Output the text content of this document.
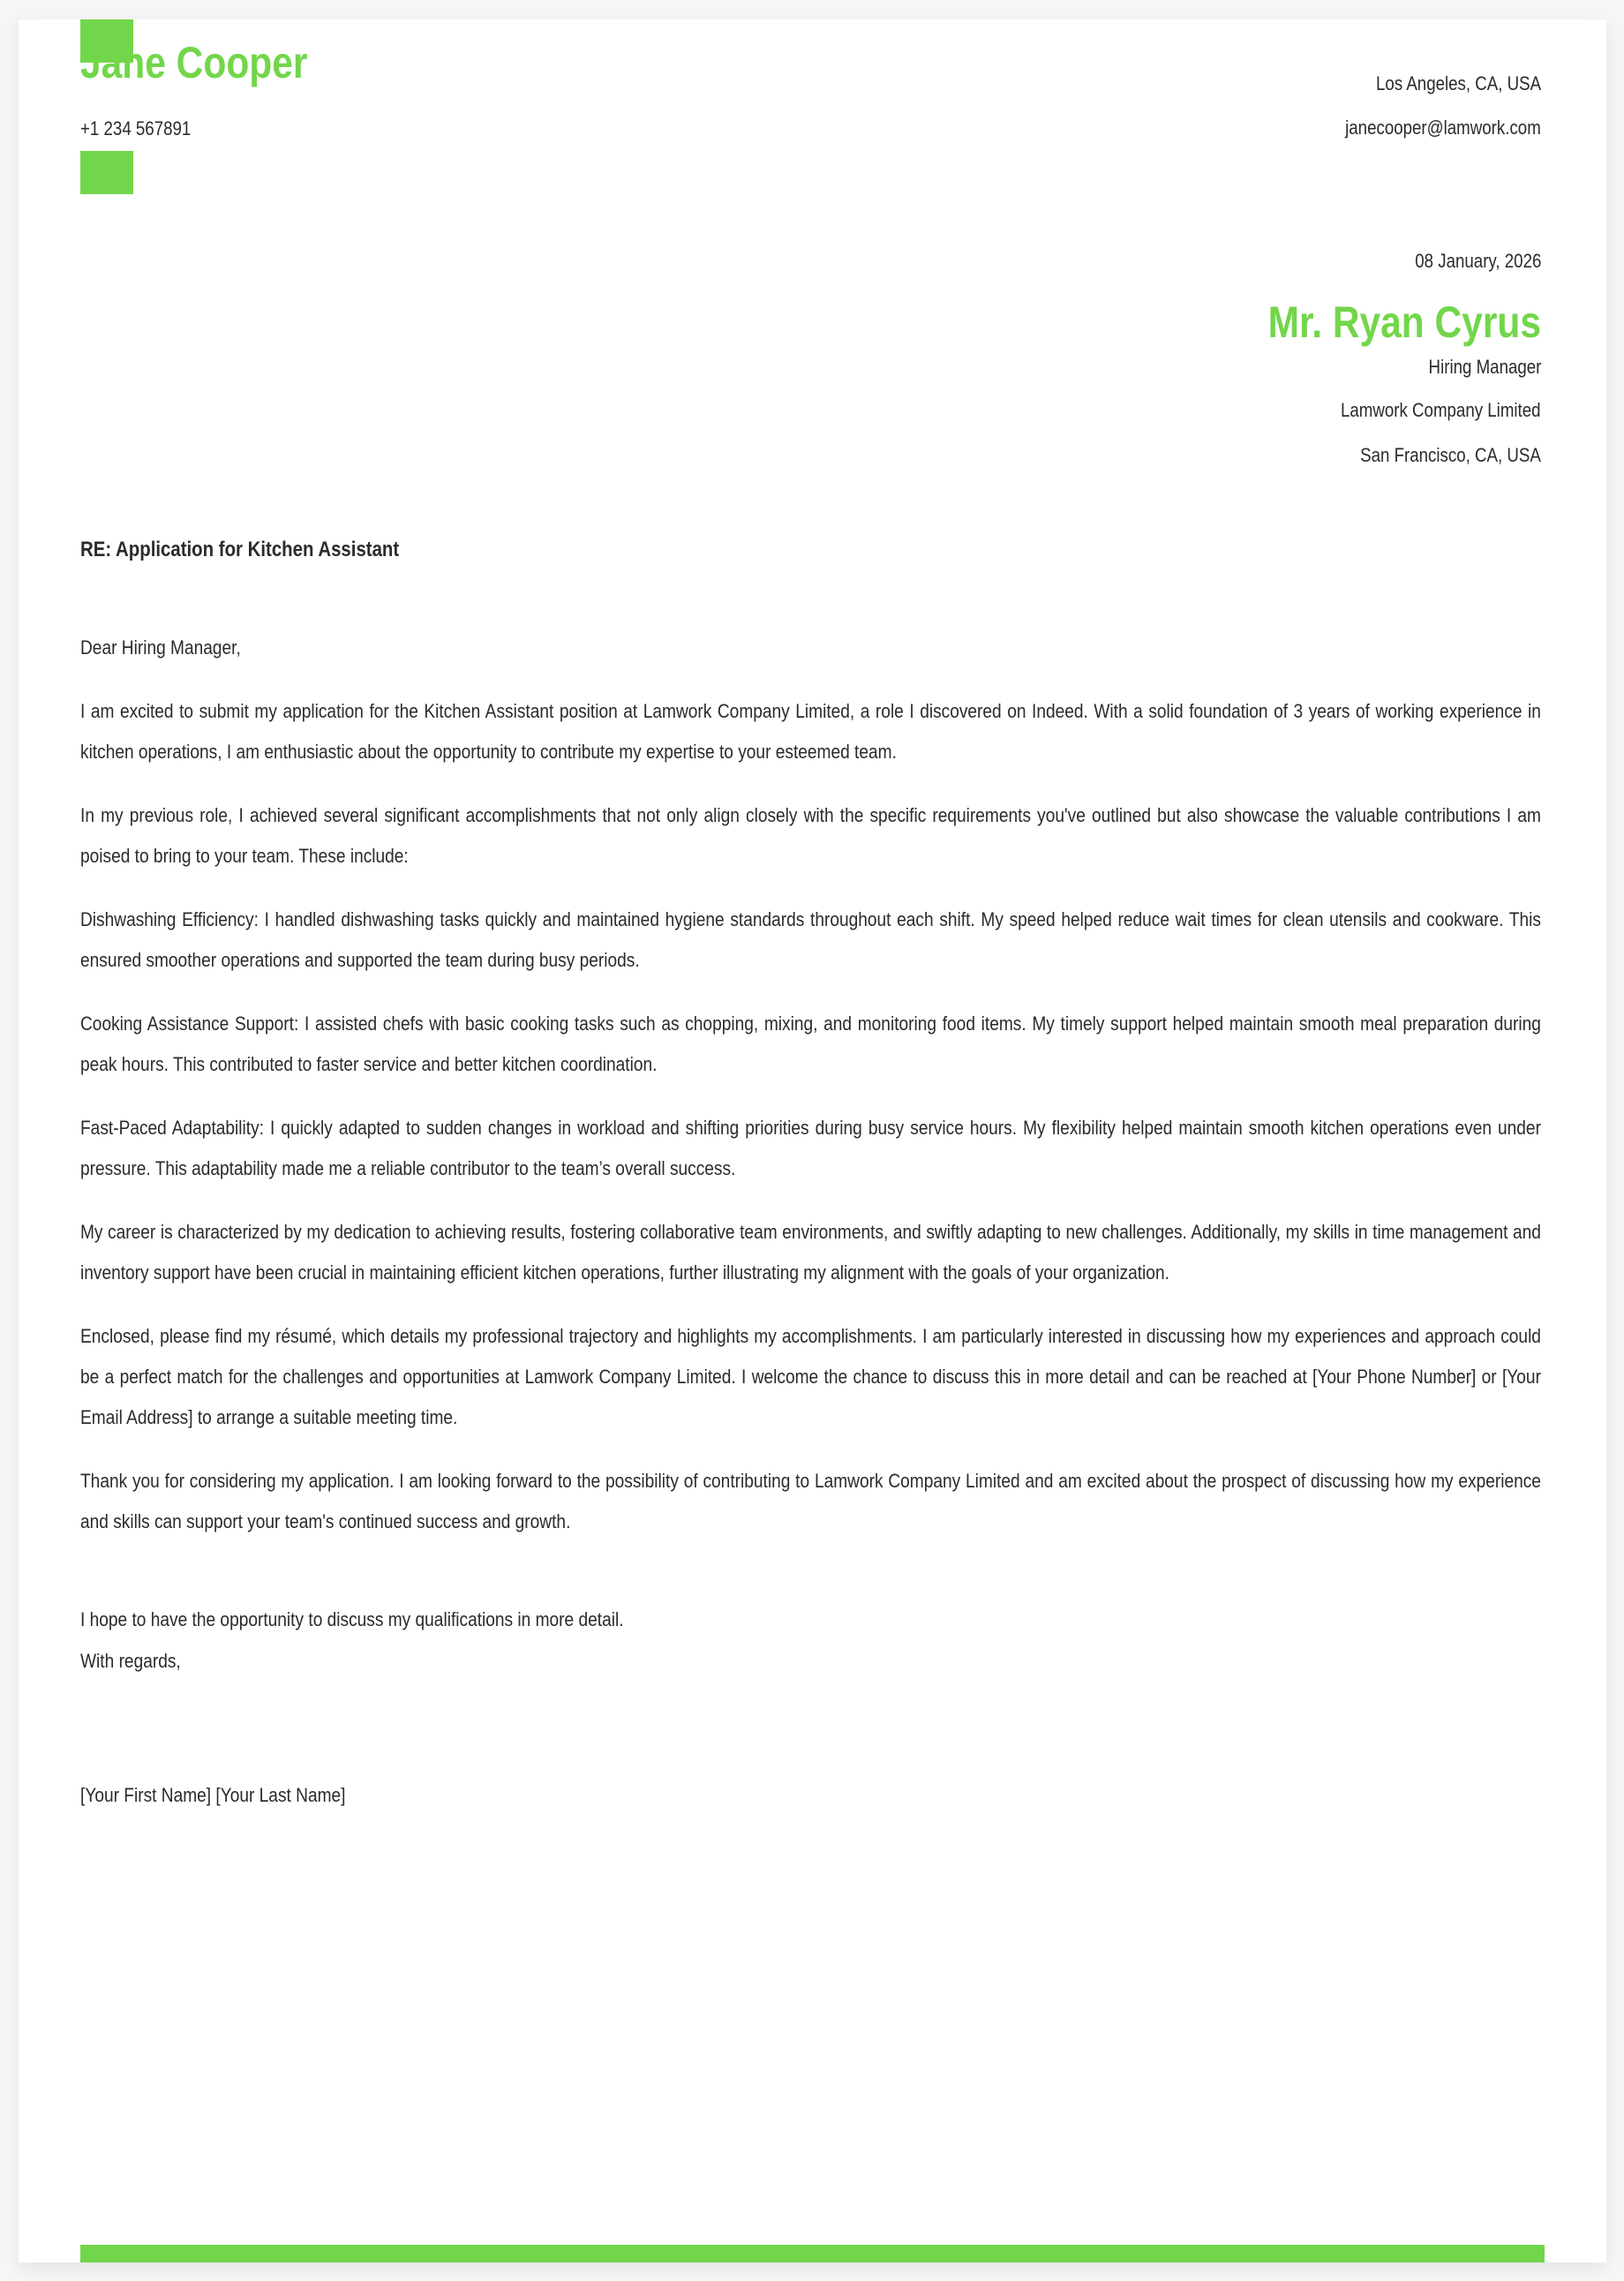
Jane Cooper
+1 234 567891
Los Angeles, CA, USA
janecooper@lamwork.com
08 January, 2026
Mr. Ryan Cyrus
Hiring Manager
Lamwork Company Limited
San Francisco, CA, USA
RE: Application for Kitchen Assistant

Dear Hiring Manager,

I am excited to submit my application for the Kitchen Assistant position at Lamwork Company Limited, a role I discovered on Indeed. With a solid foundation of 3 years of working experience in kitchen operations, I am enthusiastic about the opportunity to contribute my expertise to your esteemed team.

In my previous role, I achieved several significant accomplishments that not only align closely with the specific requirements you've outlined but also showcase the valuable contributions I am poised to bring to your team. These include:

Dishwashing Efficiency: I handled dishwashing tasks quickly and maintained hygiene standards throughout each shift. My speed helped reduce wait times for clean utensils and cookware. This ensured smoother operations and supported the team during busy periods.

Cooking Assistance Support: I assisted chefs with basic cooking tasks such as chopping, mixing, and monitoring food items. My timely support helped maintain smooth meal preparation during peak hours. This contributed to faster service and better kitchen coordination.

Fast-Paced Adaptability: I quickly adapted to sudden changes in workload and shifting priorities during busy service hours. My flexibility helped maintain smooth kitchen operations even under pressure. This adaptability made me a reliable contributor to the team’s overall success.

My career is characterized by my dedication to achieving results, fostering collaborative team environments, and swiftly adapting to new challenges. Additionally, my skills in time management and inventory support have been crucial in maintaining efficient kitchen operations, further illustrating my alignment with the goals of your organization.

Enclosed, please find my résumé, which details my professional trajectory and highlights my accomplishments. I am particularly interested in discussing how my experiences and approach could be a perfect match for the challenges and opportunities at Lamwork Company Limited. I welcome the chance to discuss this in more detail and can be reached at [Your Phone Number] or [Your Email Address] to arrange a suitable meeting time.

Thank you for considering my application. I am looking forward to the possibility of contributing to Lamwork Company Limited and am excited about the prospect of discussing how my experience and skills can support your team's continued success and growth.

I hope to have the opportunity to discuss my qualifications in more detail.
With regards,
[Your First Name] [Your Last Name]
